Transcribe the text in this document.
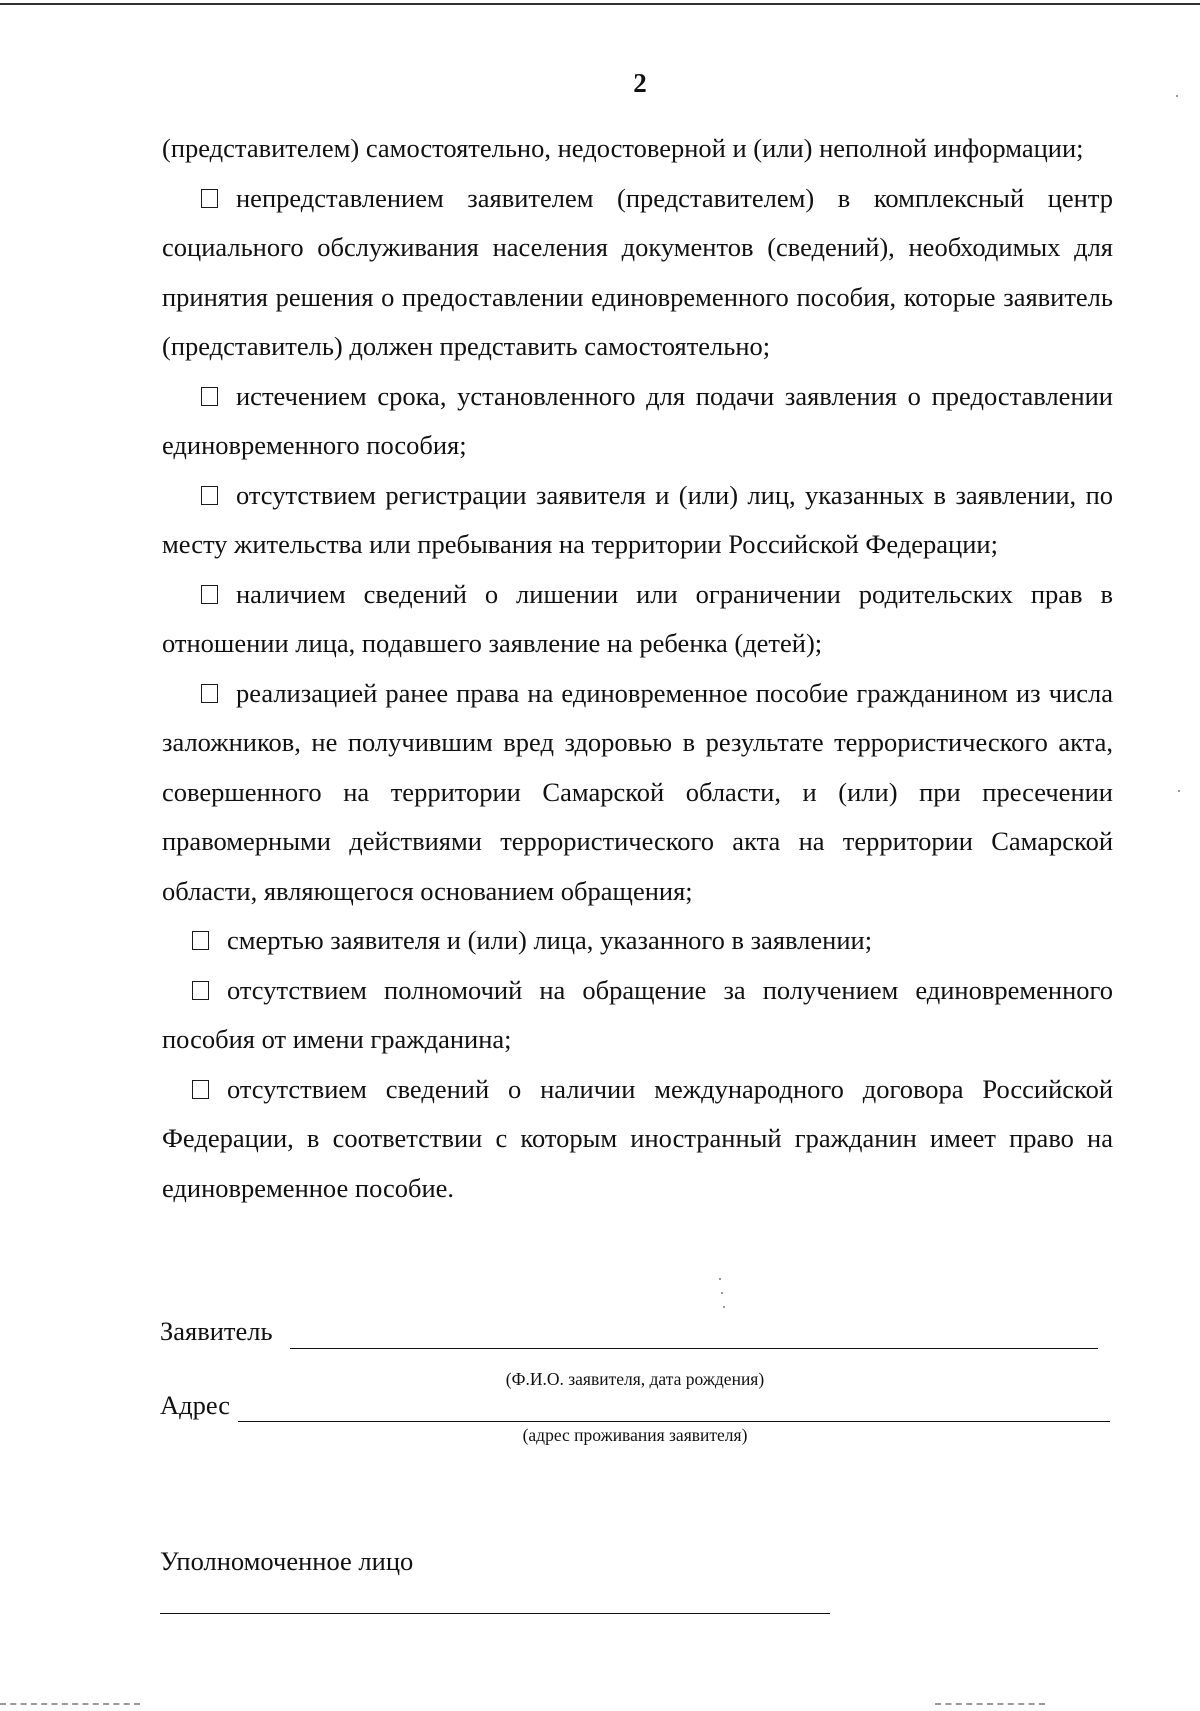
2

(представителем) самостоятельно, недостоверной и (или) неполной информации;

непредставлением заявителем (представителем) в комплексный центр социального обслуживания населения документов (сведений), необходимых для принятия решения о предоставлении единовременного пособия, которые заявитель (представитель) должен представить самостоятельно;

истечением срока, установленного для подачи заявления о предоставлении единовременного пособия;

отсутствием регистрации заявителя и (или) лиц, указанных в заявлении, по месту жительства или пребывания на территории Российской Федерации;

наличием сведений о лишении или ограничении родительских прав в отношении лица, подавшего заявление на ребенка (детей);

реализацией ранее права на единовременное пособие гражданином из числа заложников, не получившим вред здоровью в результате террористического акта, совершенного на территории Самарской области, и (или) при пресечении правомерными действиями террористического акта на территории Самарской области, являющегося основанием обращения;

смертью заявителя и (или) лица, указанного в заявлении;

отсутствием полномочий на обращение за получением единовременного пособия от имени гражданина;

отсутствием сведений о наличии международного договора Российской Федерации, в соответствии с которым иностранный гражданин имеет право на единовременное пособие.

Заявитель
(Ф.И.О. заявителя, дата рождения)
Адрес
(адрес проживания заявителя)
Уполномоченное лицо
